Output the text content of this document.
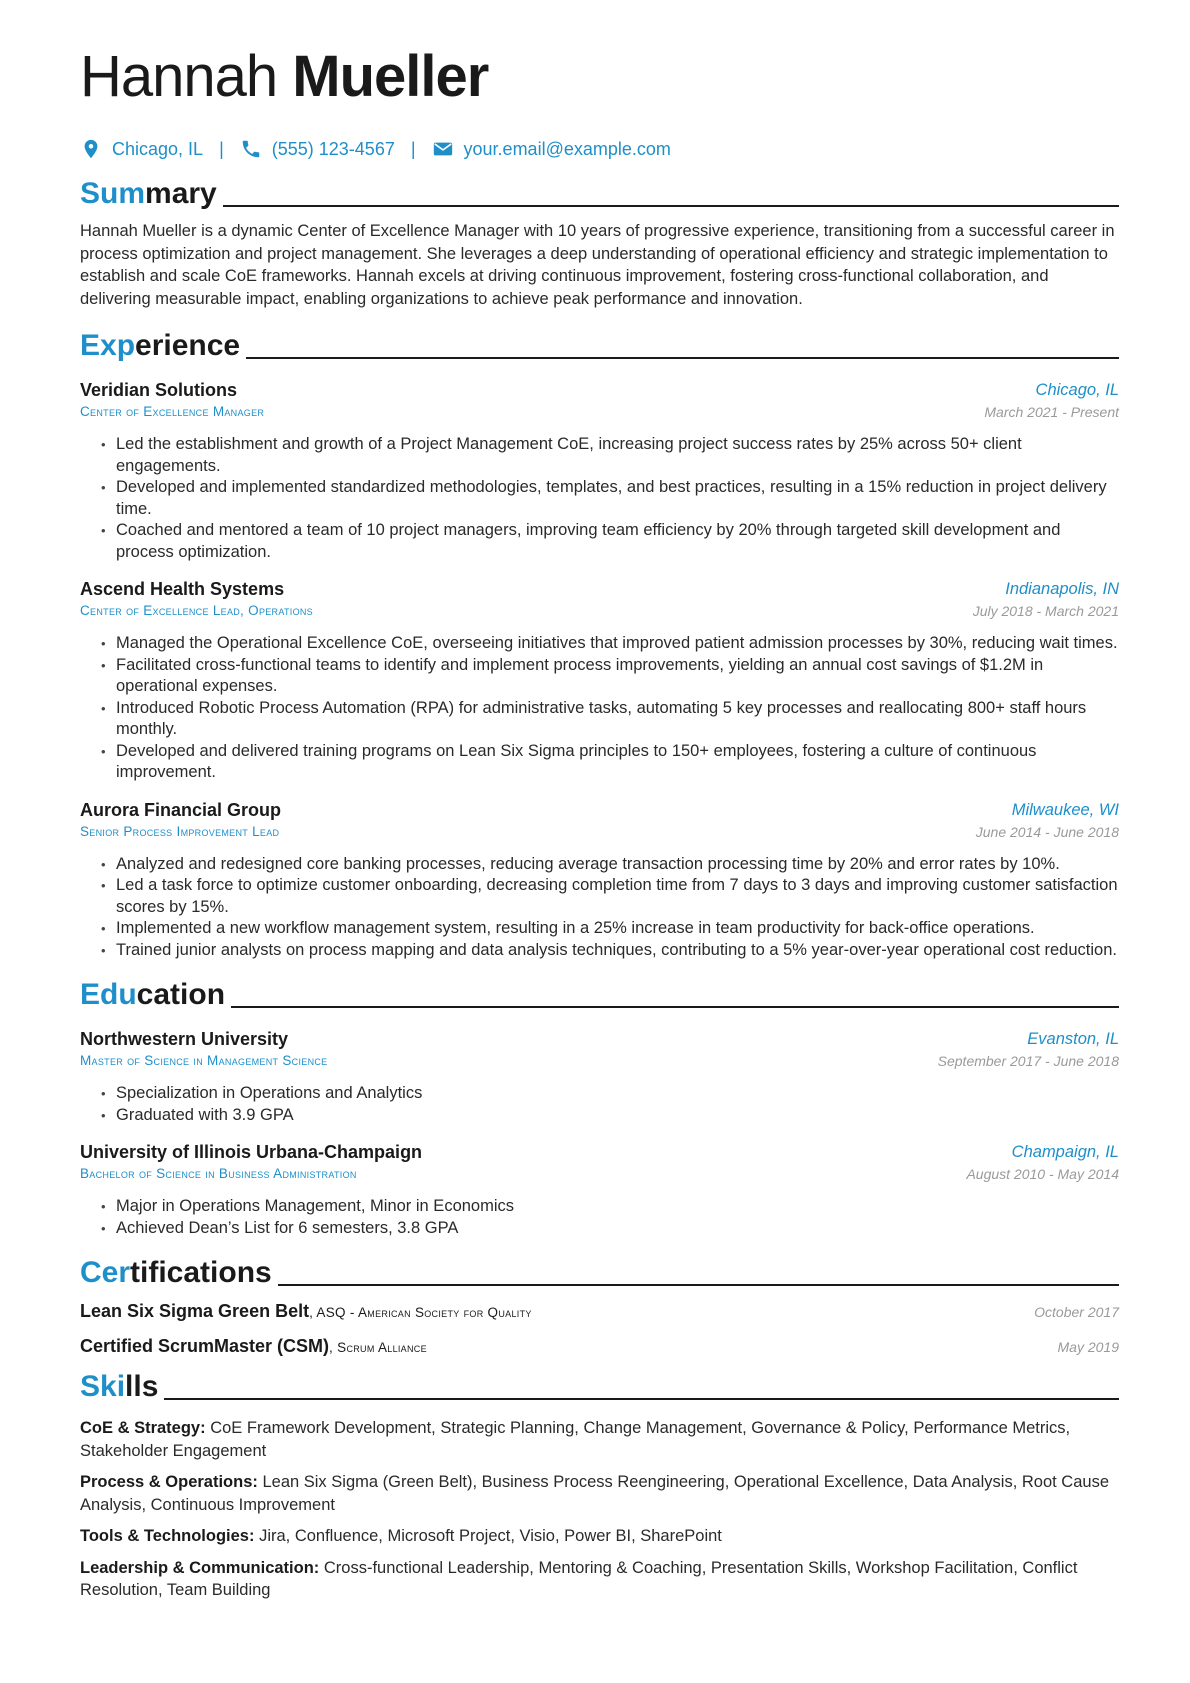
Hannah Mueller
Chicago, IL |	(555) 123-4567 |	your.email@example.com
Summary
Hannah Mueller is a dynamic Center of Excellence Manager with 10 years of progressive experience, transitioning from a successful career in process optimization and project management. She leverages a deep understanding of operational efficiency and strategic implementation to establish and scale CoE frameworks. Hannah excels at driving continuous improvement, fostering cross-functional collaboration, and delivering measurable impact, enabling organizations to achieve peak performance and innovation.
Experience
Veridian Solutions	Chicago, IL
Center of Excellence Manager	March 2021 - Present
• Led the establishment and growth of a Project Management CoE, increasing project success rates by 25% across 50+ client engagements.
• Developed and implemented standardized methodologies, templates, and best practices, resulting in a 15% reduction in project delivery time.
• Coached and mentored a team of 10 project managers, improving team efficiency by 20% through targeted skill development and process optimization.
Ascend Health Systems	Indianapolis, IN
Center of Excellence Lead, Operations	July 2018 - March 2021
• Managed the Operational Excellence CoE, overseeing initiatives that improved patient admission processes by 30%, reducing wait times.
• Facilitated cross-functional teams to identify and implement process improvements, yielding an annual cost savings of $1.2M in operational expenses.
• Introduced Robotic Process Automation (RPA) for administrative tasks, automating 5 key processes and reallocating 800+ staff hours monthly.
• Developed and delivered training programs on Lean Six Sigma principles to 150+ employees, fostering a culture of continuous improvement.
Aurora Financial Group	Milwaukee, WI
Senior Process Improvement Lead	June 2014 - June 2018
• Analyzed and redesigned core banking processes, reducing average transaction processing time by 20% and error rates by 10%.
• Led a task force to optimize customer onboarding, decreasing completion time from 7 days to 3 days and improving customer satisfaction scores by 15%.
• Implemented a new workflow management system, resulting in a 25% increase in team productivity for back-office operations.
• Trained junior analysts on process mapping and data analysis techniques, contributing to a 5% year-over-year operational cost reduction.
Education
Northwestern University	Evanston, IL
Master of Science in Management Science	September 2017 - June 2018
• Specialization in Operations and Analytics
• Graduated with 3.9 GPA
University of Illinois Urbana-Champaign	Champaign, IL
Bachelor of Science in Business Administration	August 2010 - May 2014
• Major in Operations Management, Minor in Economics
• Achieved Dean’s List for 6 semesters, 3.8 GPA
Certifications
Lean Six Sigma Green Belt, ASQ - American Society for Quality	October 2017
Certified ScrumMaster (CSM), Scrum Alliance	May 2019
Skills
CoE & Strategy: CoE Framework Development, Strategic Planning, Change Management, Governance & Policy, Performance Metrics, Stakeholder Engagement
Process & Operations: Lean Six Sigma (Green Belt), Business Process Reengineering, Operational Excellence, Data Analysis, Root Cause Analysis, Continuous Improvement
Tools & Technologies: Jira, Confluence, Microsoft Project, Visio, Power BI, SharePoint
Leadership & Communication: Cross-functional Leadership, Mentoring & Coaching, Presentation Skills, Workshop Facilitation, Conflict Resolution, Team Building
